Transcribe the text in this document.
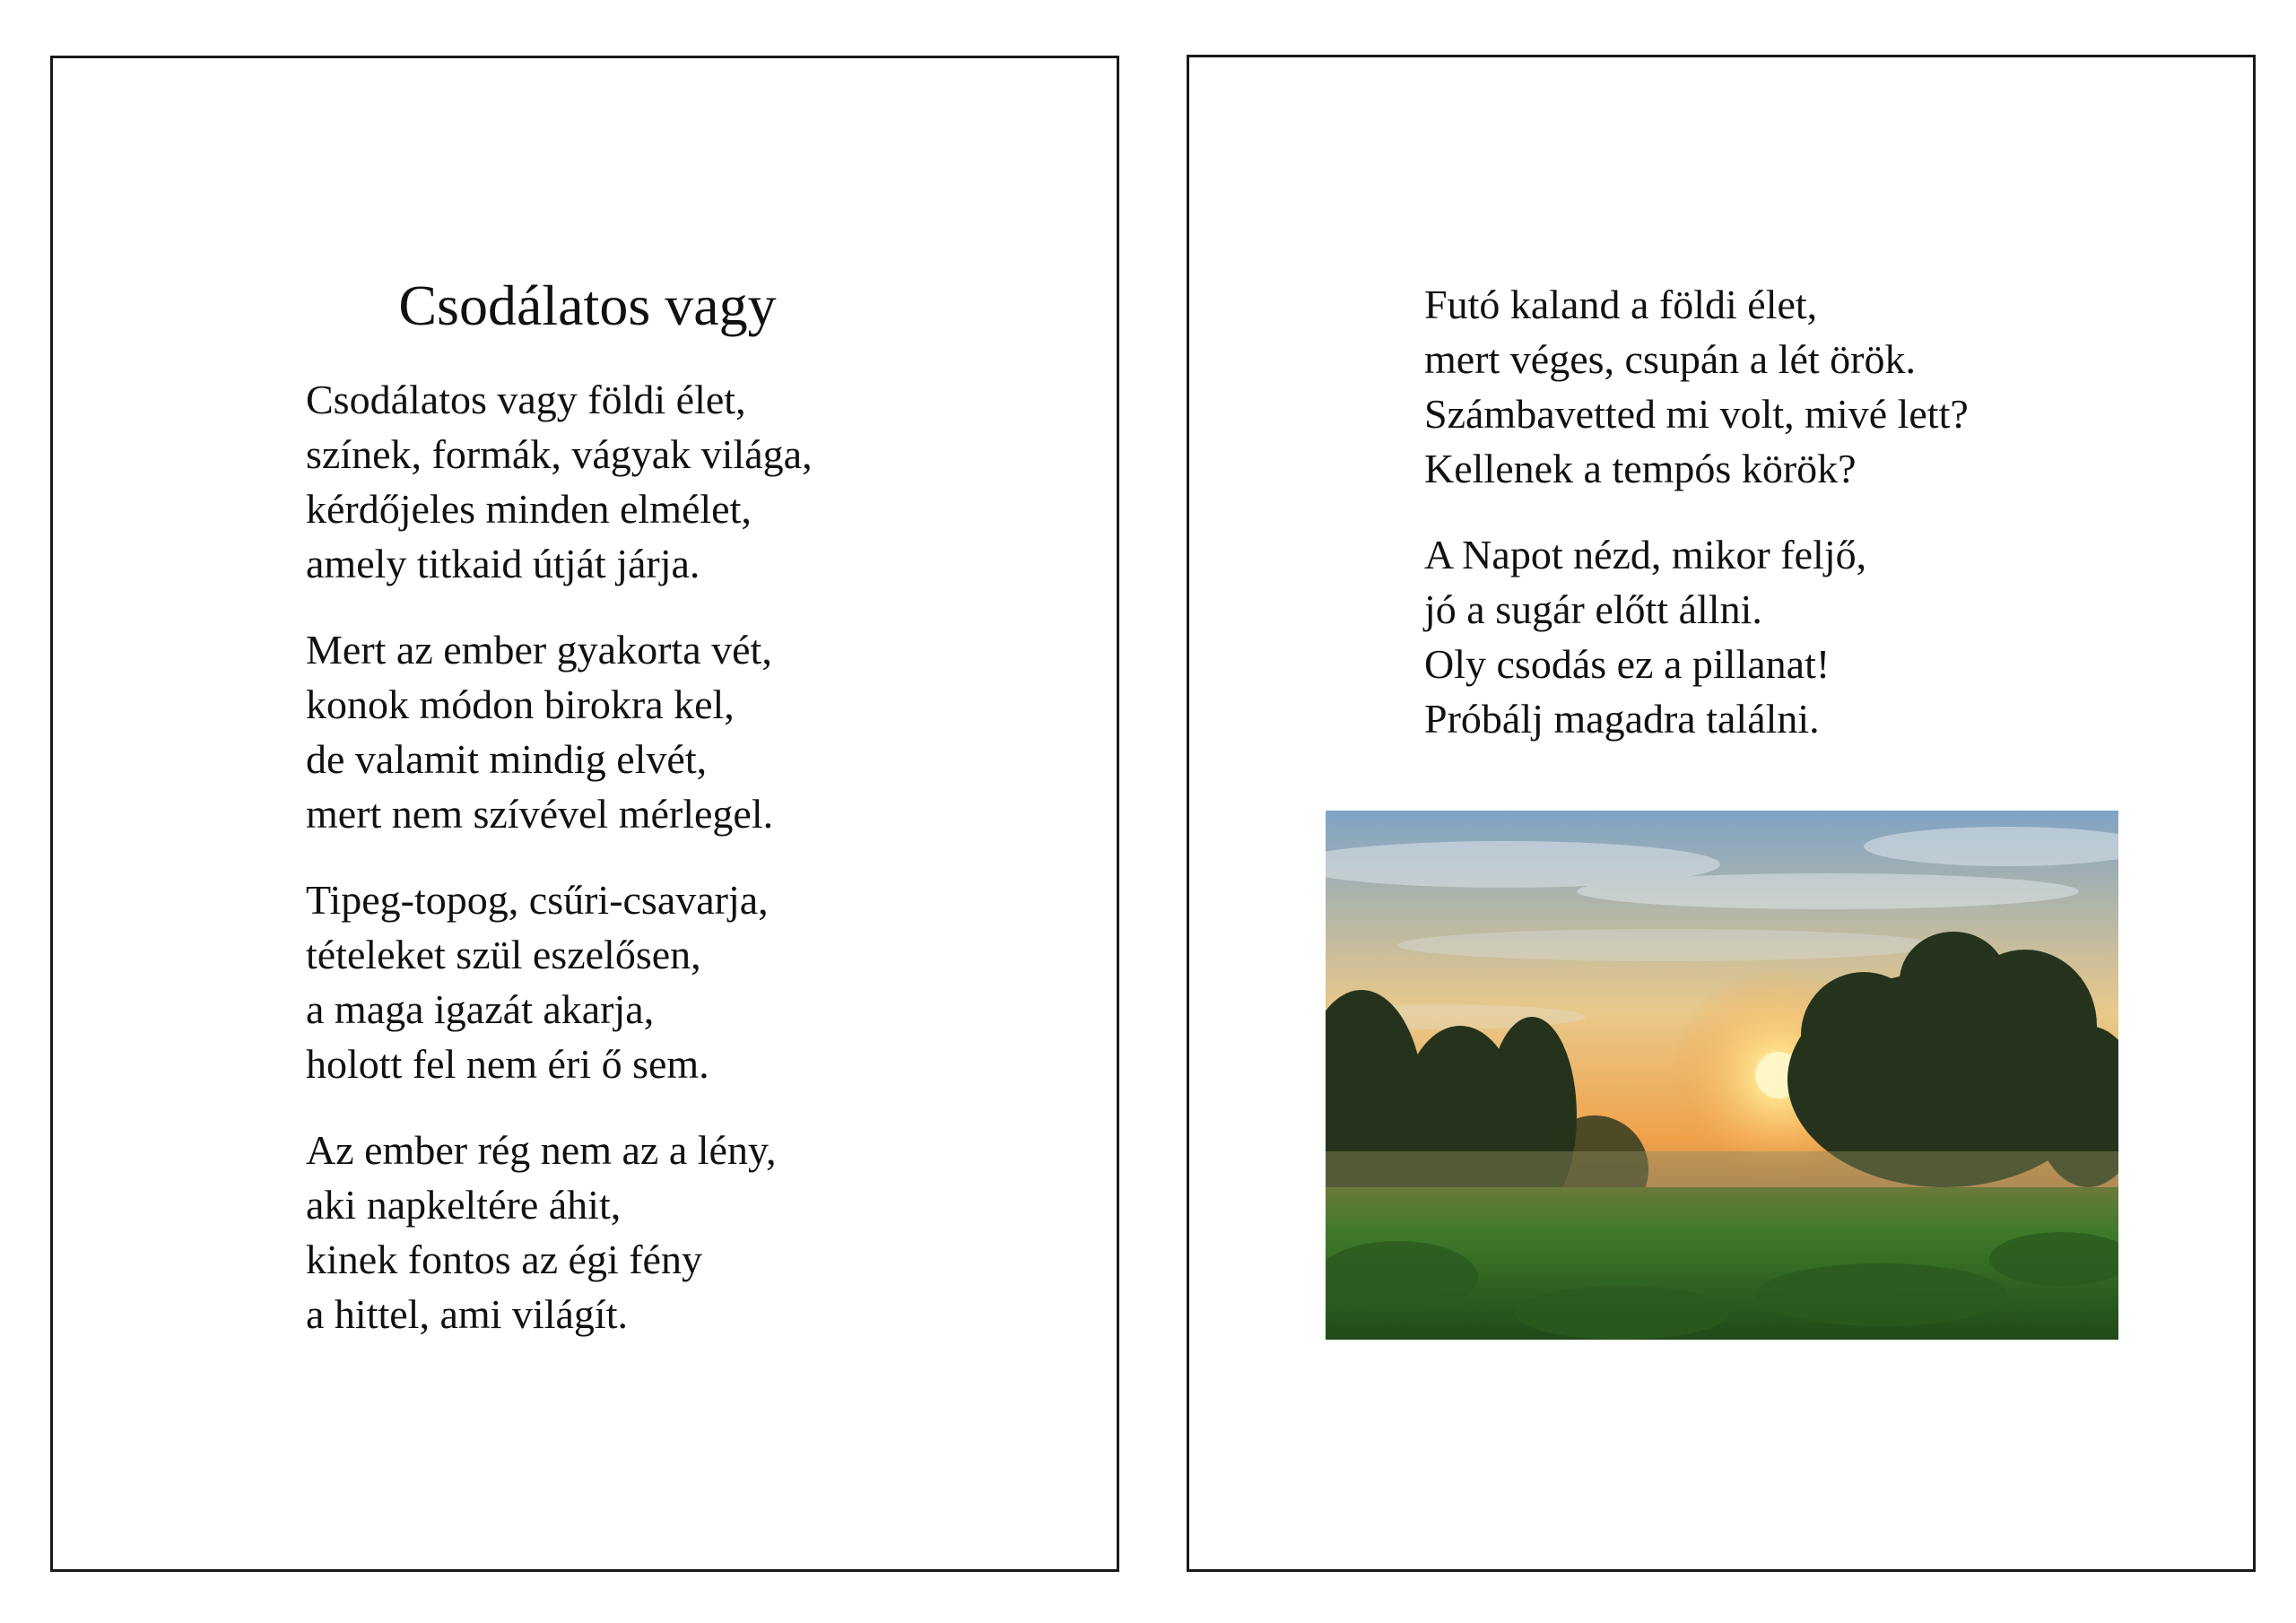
Csodálatos vagy

Csodálatos vagy földi élet,
színek, formák, vágyak világa,
kérdőjeles minden elmélet,
amely titkaid útját járja.

Mert az ember gyakorta vét,
konok módon birokra kel,
de valamit mindig elvét,
mert nem szívével mérlegel.

Tipeg-topog, csűri-csavarja,
tételeket szül eszelősen,
a maga igazát akarja,
holott fel nem éri ő sem.

Az ember rég nem az a lény,
aki napkeltére áhit,
kinek fontos az égi fény
a hittel, ami világít.

Futó kaland a földi élet,
mert véges, csupán a lét örök.
Számbavetted mi volt, mivé lett?
Kellenek a tempós körök?

A Napot nézd, mikor feljő,
jó a sugár előtt állni.
Oly csodás ez a pillanat!
Próbálj magadra találni.
